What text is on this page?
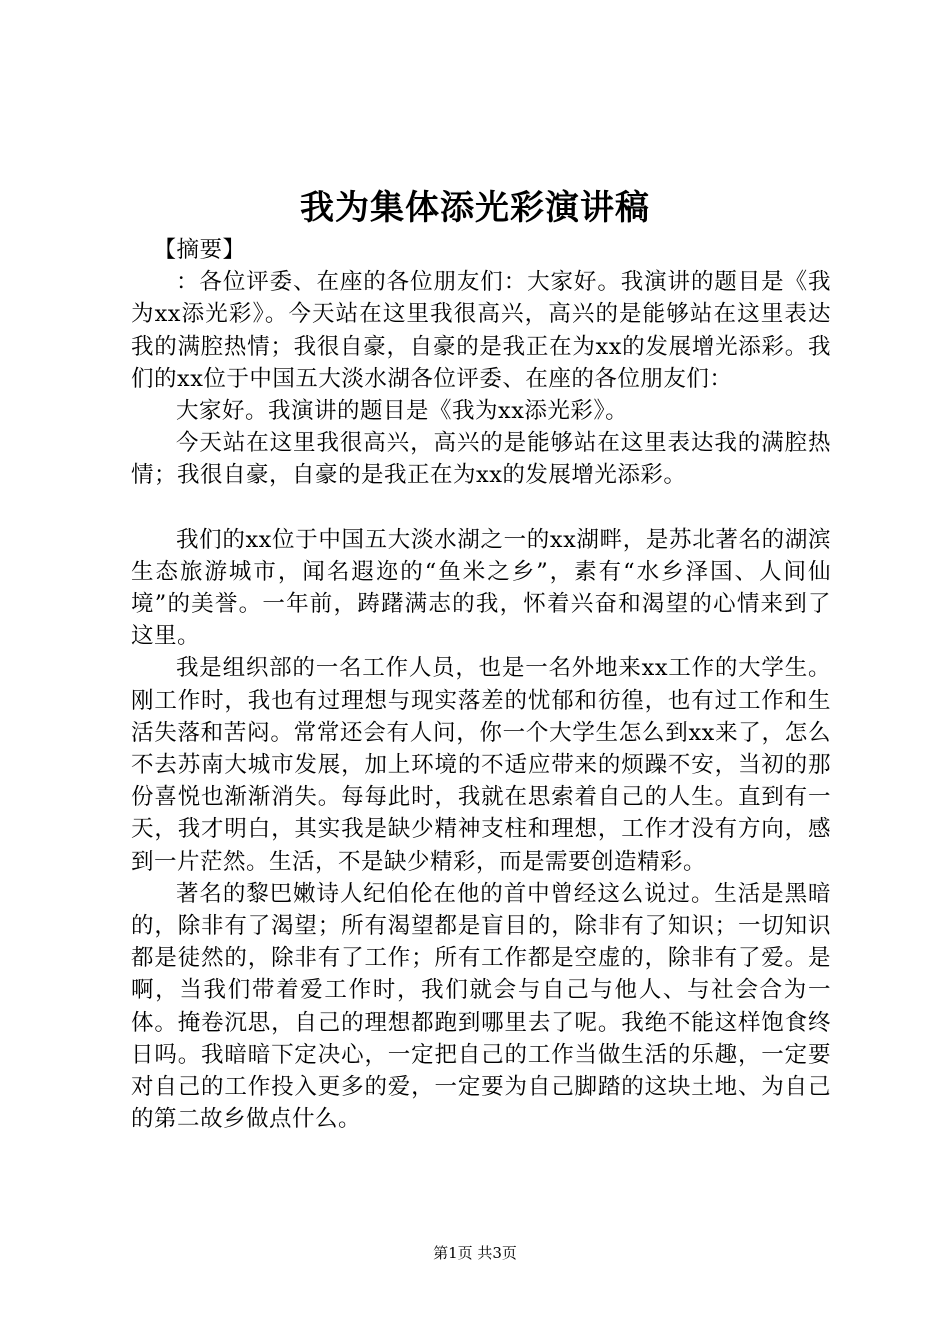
我为集体添光彩演讲稿

【摘要】

：各位评委、在座的各位朋友们：大家好。我演讲的题目是《我为xx添光彩》。今天站在这里我很高兴，高兴的是能够站在这里表达我的满腔热情；我很自豪，自豪的是我正在为xx的发展增光添彩。我们的xx位于中国五大淡水湖各位评委、在座的各位朋友们：

大家好。我演讲的题目是《我为xx添光彩》。

今天站在这里我很高兴，高兴的是能够站在这里表达我的满腔热情；我很自豪，自豪的是我正在为xx的发展增光添彩。

我们的xx位于中国五大淡水湖之一的xx湖畔，是苏北著名的湖滨生态旅游城市，闻名遐迩的“鱼米之乡”，素有“水乡泽国、人间仙境”的美誉。一年前，踌躇满志的我，怀着兴奋和渴望的心情来到了这里。

我是组织部的一名工作人员，也是一名外地来xx工作的大学生。刚工作时，我也有过理想与现实落差的忧郁和彷徨，也有过工作和生活失落和苦闷。常常还会有人问，你一个大学生怎么到xx来了，怎么不去苏南大城市发展，加上环境的不适应带来的烦躁不安，当初的那份喜悦也渐渐消失。每每此时，我就在思索着自己的人生。直到有一天，我才明白，其实我是缺少精神支柱和理想，工作才没有方向，感到一片茫然。生活，不是缺少精彩，而是需要创造精彩。

著名的黎巴嫩诗人纪伯伦在他的首中曾经这么说过。生活是黑暗的，除非有了渴望；所有渴望都是盲目的，除非有了知识；一切知识都是徒然的，除非有了工作；所有工作都是空虚的，除非有了爱。是啊，当我们带着爱工作时，我们就会与自己与他人、与社会合为一体。掩卷沉思，自己的理想都跑到哪里去了呢。我绝不能这样饱食终日吗。我暗暗下定决心，一定把自己的工作当做生活的乐趣，一定要对自己的工作投入更多的爱，一定要为自己脚踏的这块土地、为自己的第二故乡做点什么。

第1页 共3页
